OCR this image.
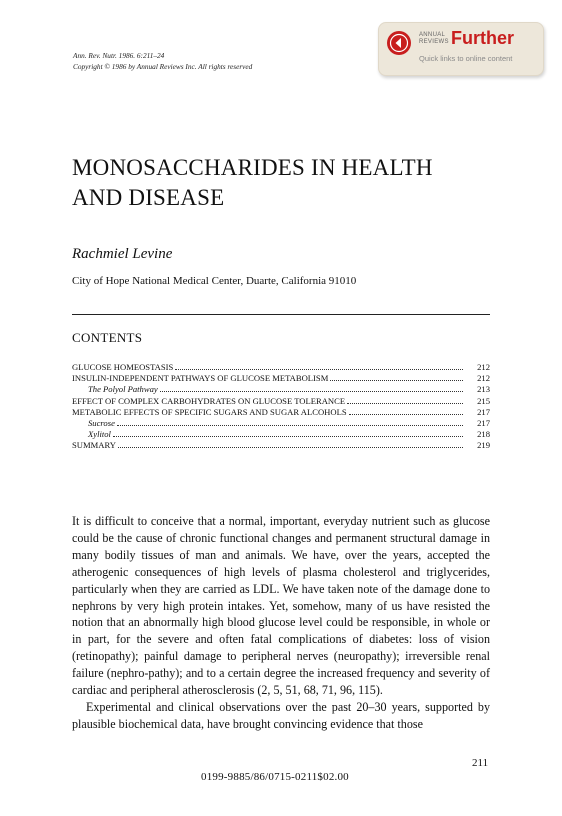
Ann. Rev. Nutr. 1986. 6:211–24
Copyright © 1986 by Annual Reviews Inc. All rights reserved
ANNUAL
REVIEWS Further
Quick links to online content
MONOSACCHARIDES IN HEALTH
AND DISEASE
Rachmiel Levine
City of Hope National Medical Center, Duarte, California 91010
CONTENTS
GLUCOSE HOMEOSTASIS	212
INSULIN-INDEPENDENT PATHWAYS OF GLUCOSE METABOLISM	212
The Polyol Pathway	213
EFFECT OF COMPLEX CARBOHYDRATES ON GLUCOSE TOLERANCE	215
METABOLIC EFFECTS OF SPECIFIC SUGARS AND SUGAR ALCOHOLS	217
Sucrose	217
Xylitol	218
SUMMARY	219

It is difficult to conceive that a normal, important, everyday nutrient such as glucose could be the cause of chronic functional changes and permanent structural damage in many bodily tissues of man and animals. We have, over the years, accepted the atherogenic consequences of high levels of plasma cholesterol and triglycerides, particularly when they are carried as LDL. We have taken note of the damage done to nephrons by very high protein intakes. Yet, somehow, many of us have resisted the notion that an abnormally high blood glucose level could be responsible, in whole or in part, for the severe and often fatal complications of diabetes: loss of vision (retinopathy); painful damage to peripheral nerves (neuropathy); irreversible renal failure (nephro-pathy); and to a certain degree the increased frequency and severity of cardiac and peripheral atherosclerosis (2, 5, 51, 68, 71, 96, 115).

Experimental and clinical observations over the past 20–30 years, supported by plausible biochemical data, have brought convincing evidence that those

211
0199-9885/86/0715-0211$02.00
